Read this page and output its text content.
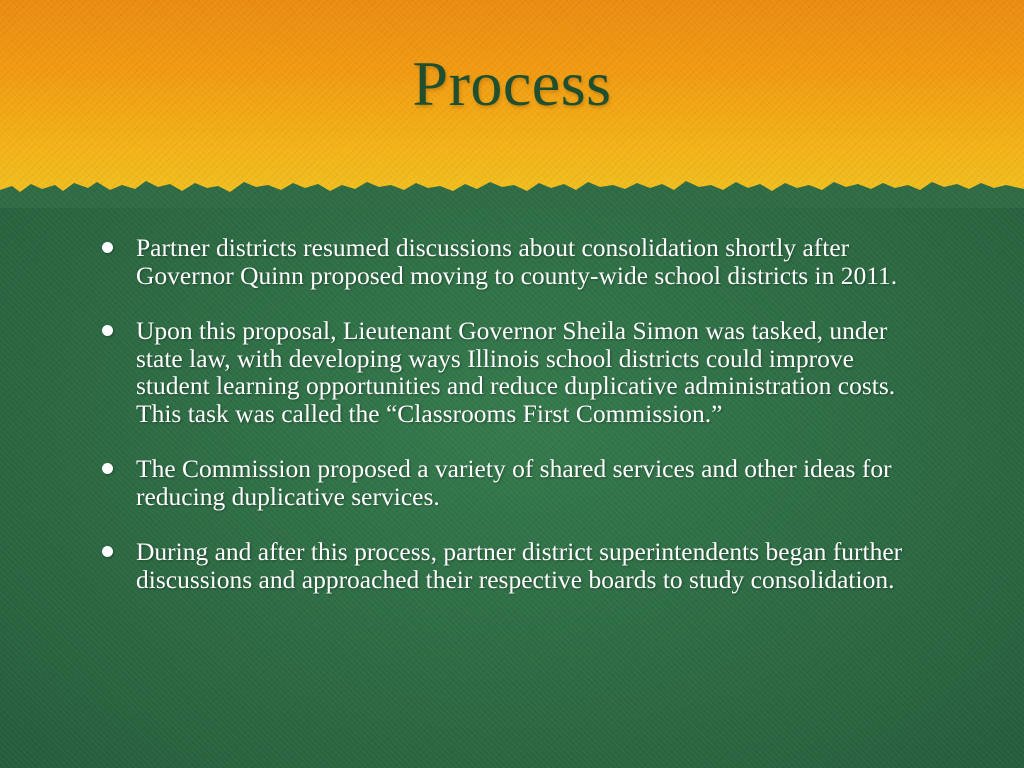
Process
Partner districts resumed discussions about consolidation shortly after Governor Quinn proposed moving to county-wide school districts in 2011.
Upon this proposal, Lieutenant Governor Sheila Simon was tasked, under state law, with developing ways Illinois school districts could improve student learning opportunities and reduce duplicative administration costs. This task was called the “Classrooms First Commission.”
The Commission proposed a variety of shared services and other ideas for reducing duplicative services.
During and after this process, partner district superintendents began further discussions and approached their respective boards to study consolidation.
